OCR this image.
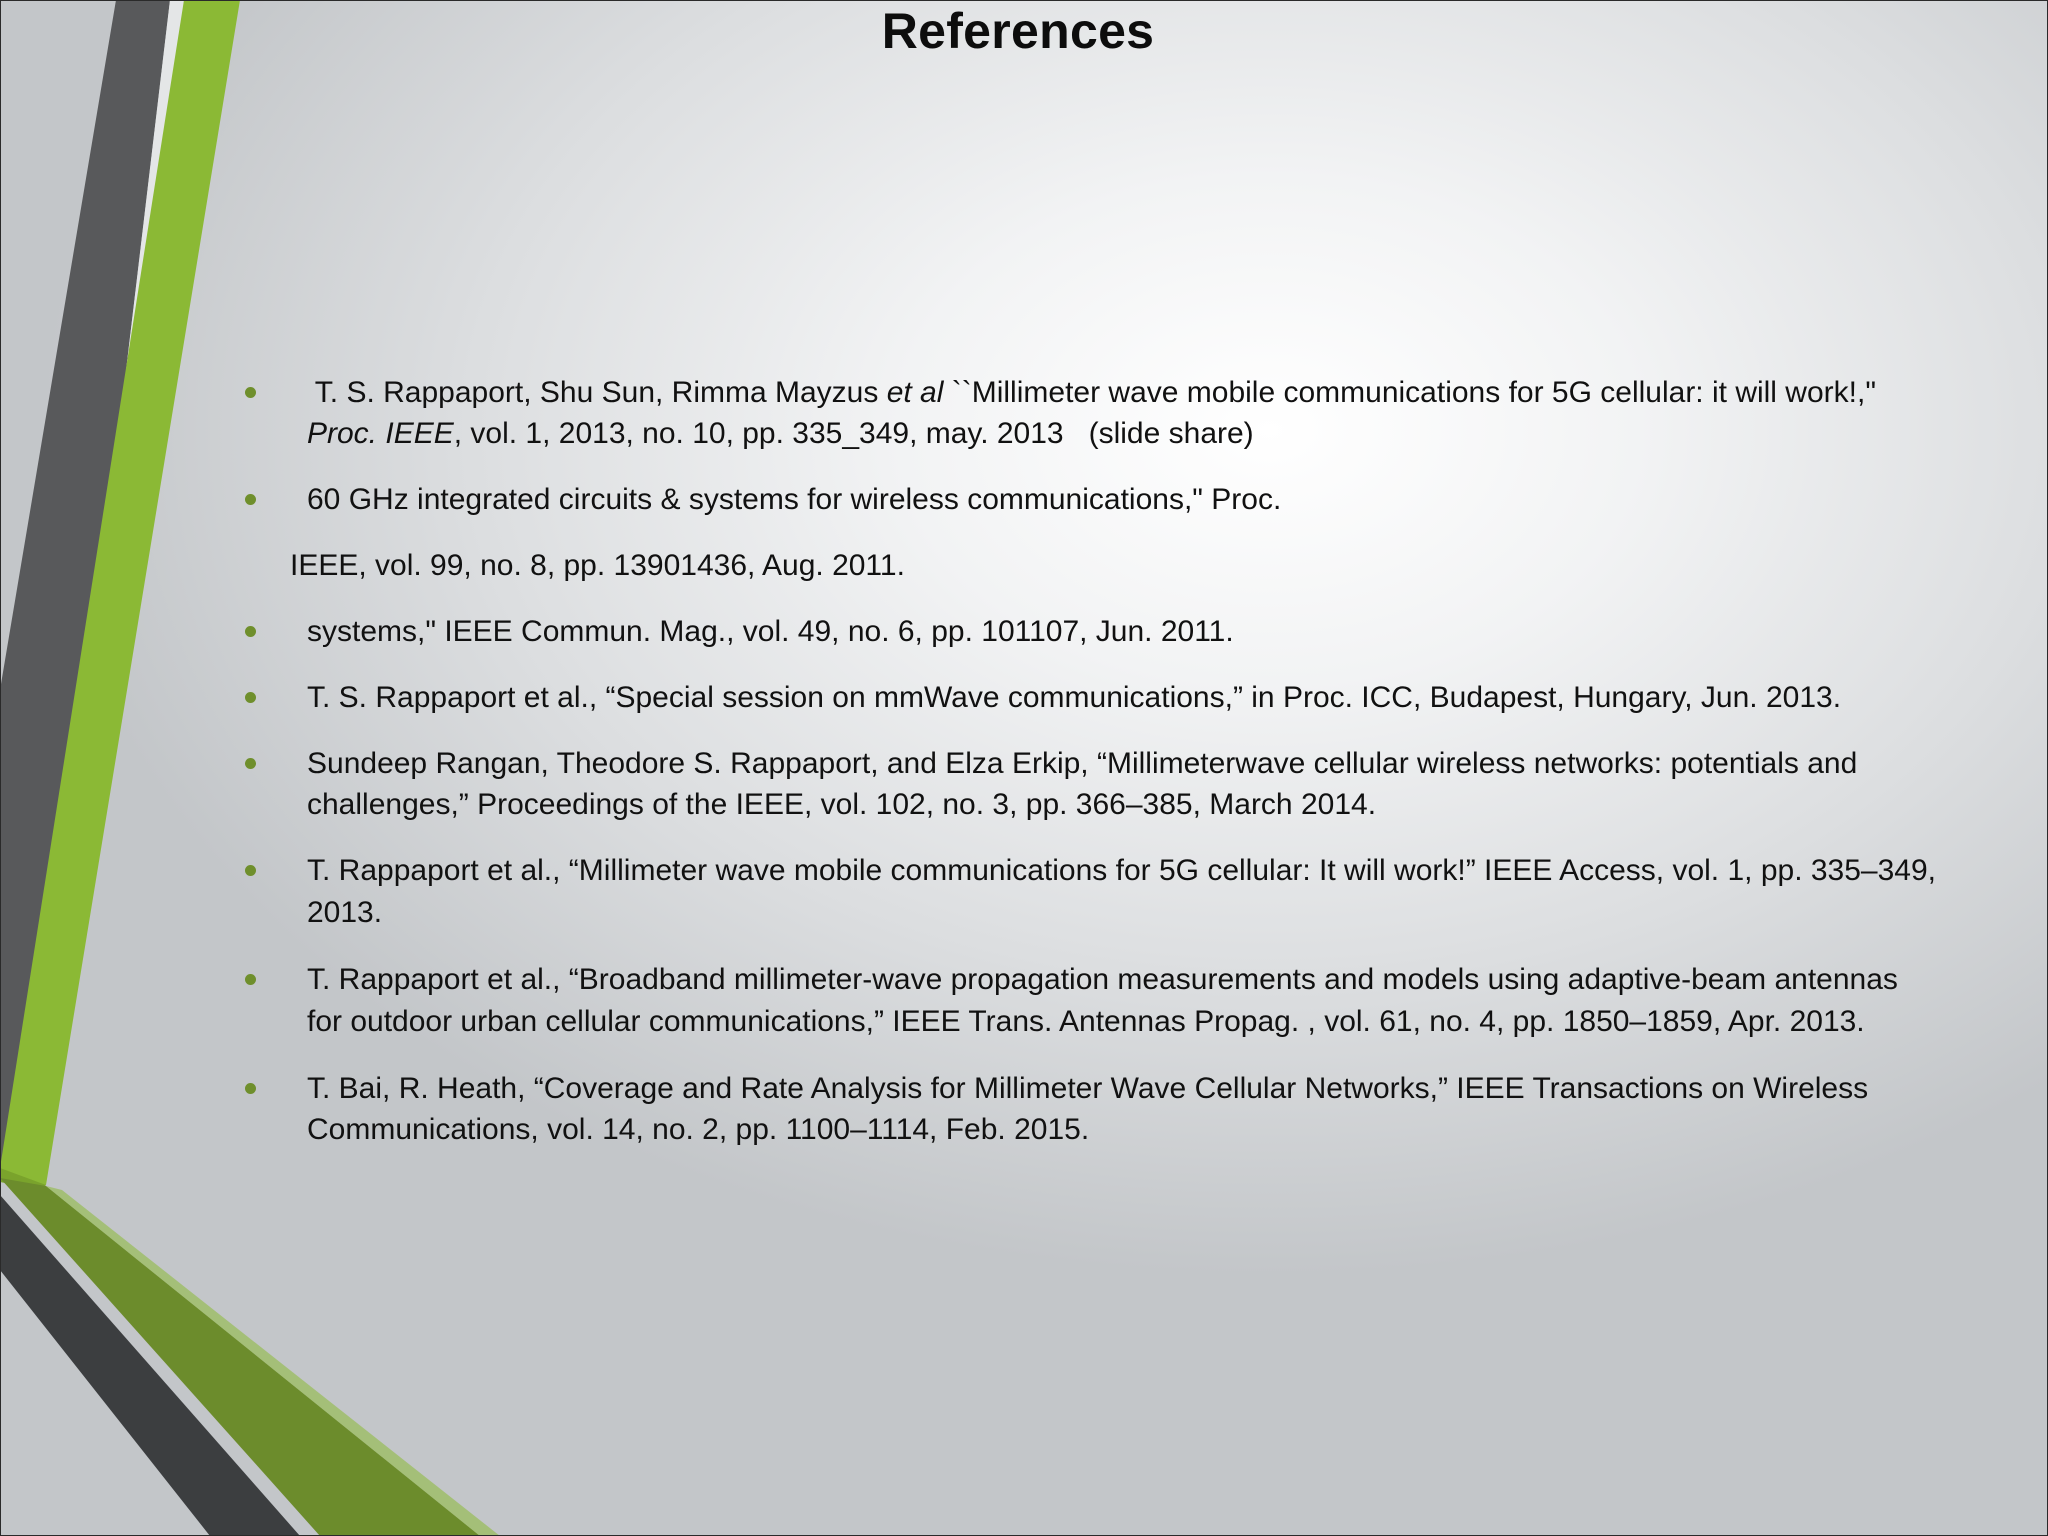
References
T. S. Rappaport, Shu Sun, Rimma Mayzus et al ``Millimeter wave mobile communications for 5G cellular: it will work!," Proc. IEEE, vol. 1, 2013, no. 10, pp. 335_349, may. 2013   (slide share)
60 GHz integrated circuits & systems for wireless communications," Proc.
IEEE, vol. 99, no. 8, pp. 13901436, Aug. 2011.
systems," IEEE Commun. Mag., vol. 49, no. 6, pp. 101107, Jun. 2011.
T. S. Rappaport et al., “Special session on mmWave communications,” in Proc. ICC, Budapest, Hungary, Jun. 2013.
Sundeep Rangan, Theodore S. Rappaport, and Elza Erkip, “Millimeterwave cellular wireless networks: potentials and challenges,” Proceedings of the IEEE, vol. 102, no. 3, pp. 366–385, March 2014.
T. Rappaport et al., “Millimeter wave mobile communications for 5G cellular: It will work!” IEEE Access, vol. 1, pp. 335–349, 2013.
T. Rappaport et al., “Broadband millimeter-wave propagation measurements and models using adaptive-beam antennas for outdoor urban cellular communications,” IEEE Trans. Antennas Propag. , vol. 61, no. 4, pp. 1850–1859, Apr. 2013.
T. Bai, R. Heath, “Coverage and Rate Analysis for Millimeter Wave Cellular Networks,” IEEE Transactions on Wireless Communications, vol. 14, no. 2, pp. 1100–1114, Feb. 2015.
